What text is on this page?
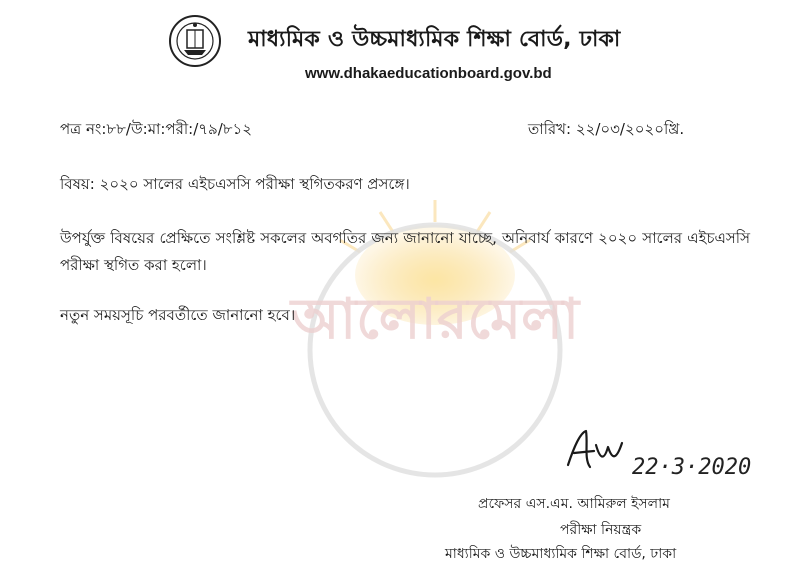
আলোরমেলা
মাধ্যমিক ও উচ্চমাধ্যমিক শিক্ষা বোর্ড, ঢাকা
www.dhakaeducationboard.gov.bd
পত্র নং:৮৮/উ:মা:পরী:/৭৯/৮১২	তারিখ: ২২/০৩/২০২০খ্রি.
বিষয়: ২০২০ সালের এইচএসসি পরীক্ষা স্থগিতকরণ প্রসঙ্গে।
উপর্যুক্ত বিষয়ের প্রেক্ষিতে সংশ্লিষ্ট সকলের অবগতির জন্য জানানো যাচ্ছে, অনিবার্য কারণে ২০২০ সালের এইচএসসি পরীক্ষা স্থগিত করা হলো।
নতুন সময়সূচি পরবর্তীতে জানানো হবে।
22·3·2020
প্রফেসর এস.এম. আমিরুল ইসলাম
পরীক্ষা নিয়ন্ত্রক
মাধ্যমিক ও উচ্চমাধ্যমিক শিক্ষা বোর্ড, ঢাকা
